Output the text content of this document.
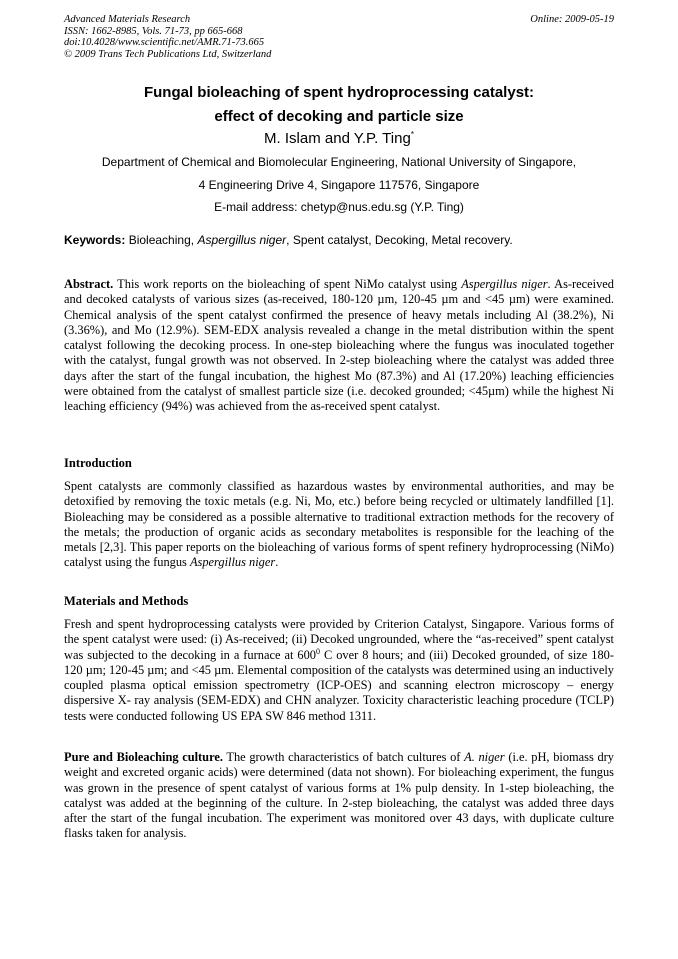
Advanced Materials Research
ISSN: 1662-8985, Vols. 71-73, pp 665-668
doi:10.4028/www.scientific.net/AMR.71-73.665
© 2009 Trans Tech Publications Ltd, Switzerland
Online: 2009-05-19
Fungal bioleaching of spent hydroprocessing catalyst:
effect of decoking and particle size
M. Islam and Y.P. Ting*
Department of Chemical and Biomolecular Engineering, National University of Singapore,
4 Engineering Drive 4, Singapore 117576, Singapore
E-mail address: chetyp@nus.edu.sg (Y.P. Ting)
Keywords: Bioleaching, Aspergillus niger, Spent catalyst, Decoking, Metal recovery.

Abstract. This work reports on the bioleaching of spent NiMo catalyst using Aspergillus niger. As-received and decoked catalysts of various sizes (as-received, 180-120 µm, 120-45 µm and <45 µm) were examined. Chemical analysis of the spent catalyst confirmed the presence of heavy metals including Al (38.2%), Ni (3.36%), and Mo (12.9%). SEM-EDX analysis revealed a change in the metal distribution within the spent catalyst following the decoking process. In one-step bioleaching where the fungus was inoculated together with the catalyst, fungal growth was not observed. In 2-step bioleaching where the catalyst was added three days after the start of the fungal incubation, the highest Mo (87.3%) and Al (17.20%) leaching efficiencies were obtained from the catalyst of smallest particle size (i.e. decoked grounded; <45µm) while the highest Ni leaching efficiency (94%) was achieved from the as-received spent catalyst.

Introduction

Spent catalysts are commonly classified as hazardous wastes by environmental authorities, and may be detoxified by removing the toxic metals (e.g. Ni, Mo, etc.) before being recycled or ultimately landfilled [1]. Bioleaching may be considered as a possible alternative to traditional extraction methods for the recovery of the metals; the production of organic acids as secondary metabolites is responsible for the leaching of the metals [2,3]. This paper reports on the bioleaching of various forms of spent refinery hydroprocessing (NiMo) catalyst using the fungus Aspergillus niger.

Materials and Methods

Fresh and spent hydroprocessing catalysts were provided by Criterion Catalyst, Singapore. Various forms of the spent catalyst were used: (i) As-received; (ii) Decoked ungrounded, where the “as-received” spent catalyst was subjected to the decoking in a furnace at $600^0$ C over 8 hours; and (iii) Decoked grounded, of size 180-120 µm; 120-45 µm; and <45 µm. Elemental composition of the catalysts was determined using an inductively coupled plasma optical emission spectrometry (ICP-OES) and scanning electron microscopy – energy dispersive X- ray analysis (SEM-EDX) and CHN analyzer. Toxicity characteristic leaching procedure (TCLP) tests were conducted following US EPA SW 846 method 1311.

Pure and Bioleaching culture. The growth characteristics of batch cultures of A. niger (i.e. pH, biomass dry weight and excreted organic acids) were determined (data not shown). For bioleaching experiment, the fungus was grown in the presence of spent catalyst of various forms at 1% pulp density. In 1-step bioleaching, the catalyst was added at the beginning of the culture. In 2-step bioleaching, the catalyst was added three days after the start of the fungal incubation. The experiment was monitored over 43 days, with duplicate culture flasks taken for analysis.
